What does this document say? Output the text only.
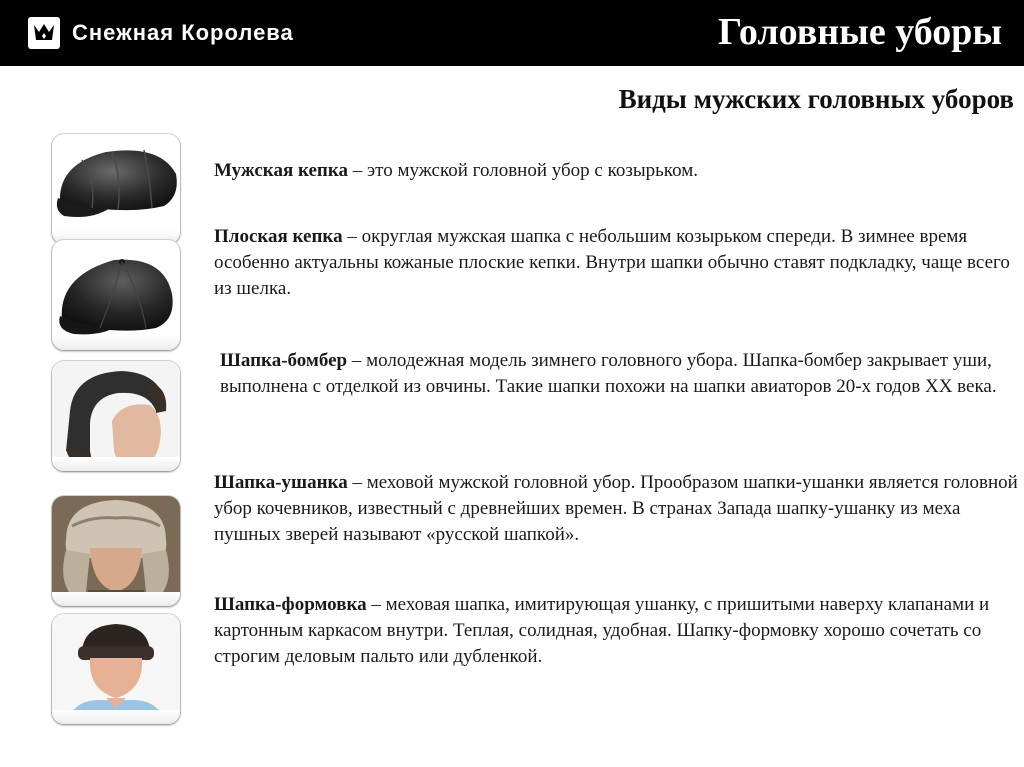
Снежная Королева	Головные уборы
Виды мужских головных уборов
Мужская кепка – это мужской головной убор с козырьком.
Плоская кепка – округлая мужская шапка с небольшим козырьком спереди. В зимнее время особенно актуальны кожаные плоские кепки. Внутри шапки обычно ставят подкладку, чаще всего из шелка.
Шапка-бомбер – молодежная модель зимнего головного убора. Шапка-бомбер закрывает уши, выполнена с отделкой из овчины. Такие шапки похожи на шапки авиаторов 20-х годов XX века.
Шапка-ушанка – меховой мужской головной убор. Прообразом шапки-ушанки является головной убор кочевников, известный с древнейших времен. В странах Запада шапку-ушанку из меха пушных зверей называют «русской шапкой».
Шапка-формовка – меховая шапка, имитирующая ушанку, с пришитыми наверху клапанами и картонным каркасом внутри. Теплая, солидная, удобная. Шапку-формовку хорошо сочетать со строгим деловым пальто или дубленкой.
